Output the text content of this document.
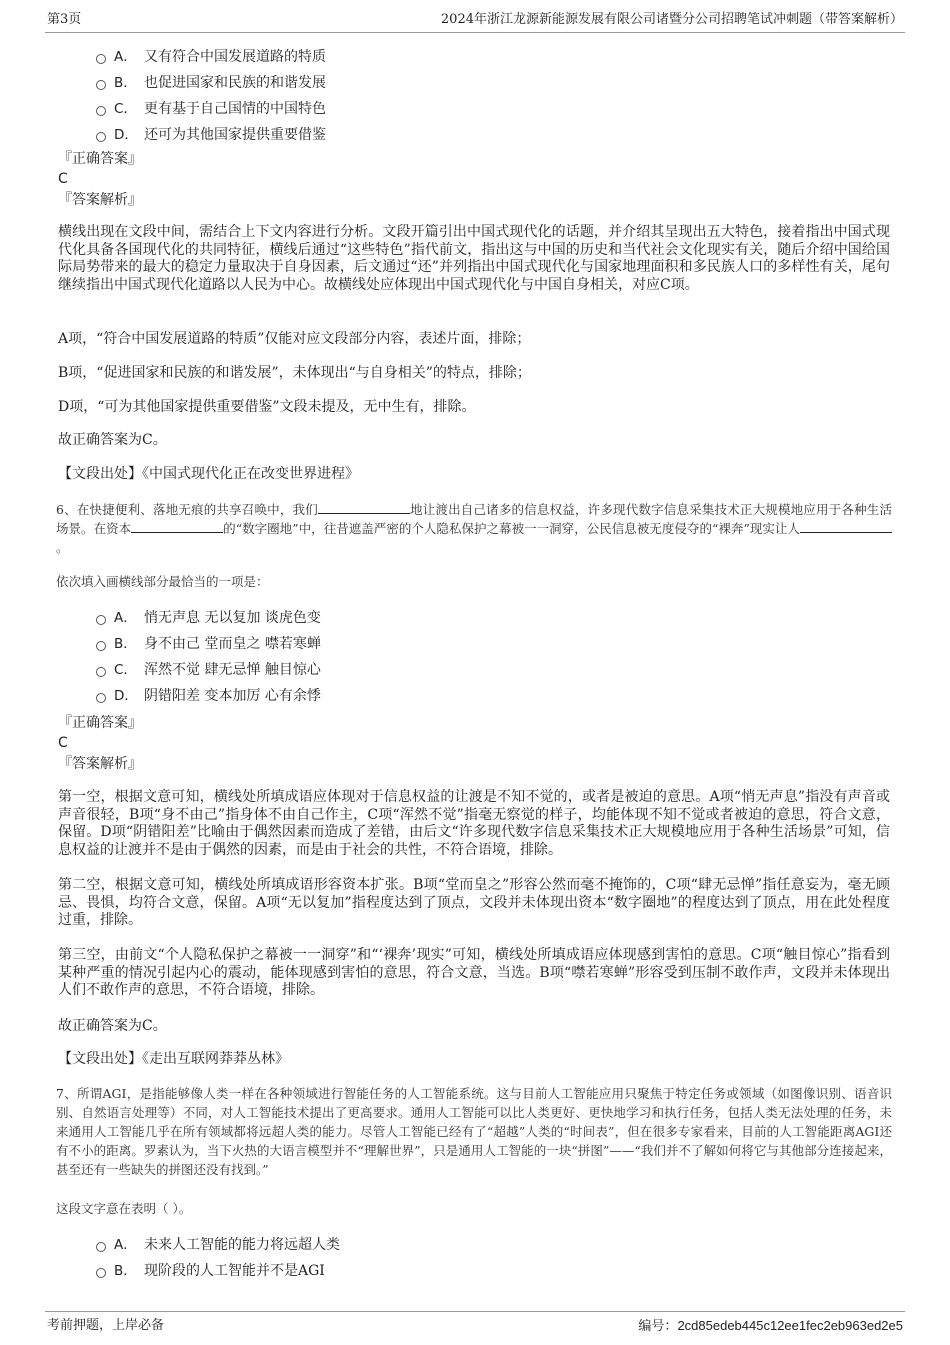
第3页	2024年浙江龙源新能源发展有限公司诸暨分公司招聘笔试冲刺题（带答案解析）
A． 又有符合中国发展道路的特质
B． 也促进国家和民族的和谐发展
C． 更有基于自己国情的中国特色
D． 还可为其他国家提供重要借鉴
『正确答案』
C
『答案解析』
横线出现在文段中间，需结合上下文内容进行分析。文段开篇引出中国式现代化的话题，并介绍其呈现出五大特色，接着指出中国式现代化具备各国现代化的共同特征，横线后通过“这些特色”指代前文，指出这与中国的历史和当代社会文化现实有关，随后介绍中国给国际局势带来的最大的稳定力量取决于自身因素，后文通过“还”并列指出中国式现代化与国家地理面积和多民族人口的多样性有关，尾句继续指出中国式现代化道路以人民为中心。故横线处应体现出中国式现代化与中国自身相关，对应C项。
A项，“符合中国发展道路的特质”仅能对应文段部分内容，表述片面，排除；
B项，“促进国家和民族的和谐发展”，未体现出“与自身相关”的特点，排除；
D项，“可为其他国家提供重要借鉴”文段未提及，无中生有，排除。
故正确答案为C。
【文段出处】《中国式现代化正在改变世界进程》
6、在快捷便利、落地无痕的共享召唤中，我们	地让渡出自己诸多的信息权益，许多现代数字信息采集技术正大规模地应用于各种生活场景。在资本	的“数字圈地”中，往昔遮盖严密的个人隐私保护之幕被一一洞穿，公民信息被无度侵夺的“裸奔”现实让人。
依次填入画横线部分最恰当的一项是：
A． 悄无声息 无以复加 谈虎色变
B． 身不由己 堂而皇之 噤若寒蝉
C． 浑然不觉 肆无忌惮 触目惊心
D． 阴错阳差 变本加厉 心有余悸
『正确答案』
C
『答案解析』
第一空，根据文意可知，横线处所填成语应体现对于信息权益的让渡是不知不觉的，或者是被迫的意思。A项“悄无声息”指没有声音或声音很轻，B项“身不由己”指身体不由自己作主，C项“浑然不觉”指毫无察觉的样子，均能体现不知不觉或者被迫的意思，符合文意，保留。D项“阴错阳差”比喻由于偶然因素而造成了差错，由后文“许多现代数字信息采集技术正大规模地应用于各种生活场景”可知，信息权益的让渡并不是由于偶然的因素，而是由于社会的共性，不符合语境，排除。
第二空，根据文意可知，横线处所填成语形容资本扩张。B项“堂而皇之”形容公然而毫不掩饰的，C项“肆无忌惮”指任意妄为，毫无顾忌、畏惧，均符合文意，保留。A项“无以复加”指程度达到了顶点，文段并未体现出资本“数字圈地”的程度达到了顶点，用在此处程度过重，排除。
第三空，由前文“个人隐私保护之幕被一一洞穿”和“‘裸奔’现实”可知，横线处所填成语应体现感到害怕的意思。C项“触目惊心”指看到某种严重的情况引起内心的震动，能体现感到害怕的意思，符合文意，当选。B项“噤若寒蝉”形容受到压制不敢作声，文段并未体现出人们不敢作声的意思，不符合语境，排除。
故正确答案为C。
【文段出处】《走出互联网莽莽丛林》
7、所谓AGI，是指能够像人类一样在各种领域进行智能任务的人工智能系统。这与目前人工智能应用只聚焦于特定任务或领域（如图像识别、语音识别、自然语言处理等）不同，对人工智能技术提出了更高要求。通用人工智能可以比人类更好、更快地学习和执行任务，包括人类无法处理的任务，未来通用人工智能几乎在所有领域都将远超人类的能力。尽管人工智能已经有了“超越”人类的“时间表”，但在很多专家看来，目前的人工智能距离AGI还有不小的距离。罗素认为，当下火热的大语言模型并不“理解世界”，只是通用人工智能的一块“拼图”——“我们并不了解如何将它与其他部分连接起来，甚至还有一些缺失的拼图还没有找到。”
这段文字意在表明（ ）。
A． 未来人工智能的能力将远超人类
B． 现阶段的人工智能并不是AGI
考前押题，上岸必备	编号：2cd85edeb445c12ee1fec2eb963ed2e5
